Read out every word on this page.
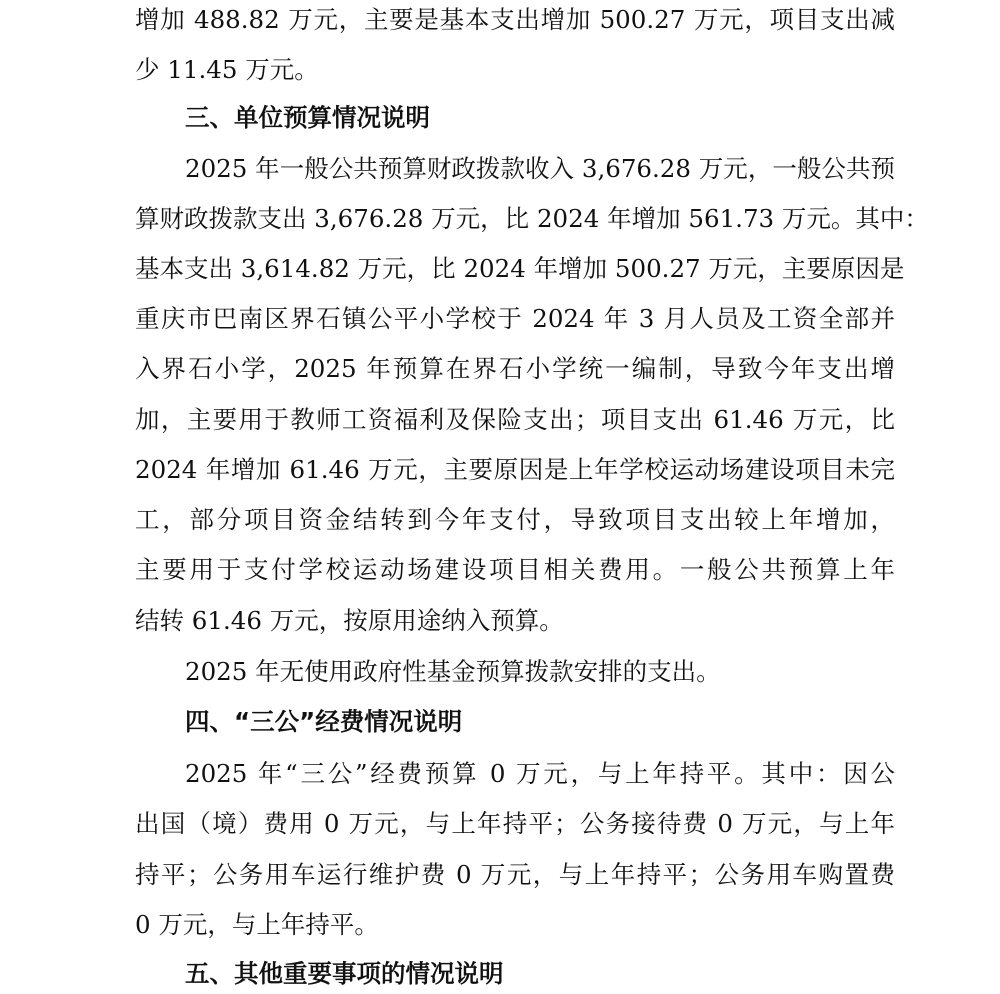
增加 488.82 万元，主要是基本支出增加 500.27 万元，项目支出减
少 11.45 万元。
三、单位预算情况说明
2025 年一般公共预算财政拨款收入 3,676.28 万元，一般公共预
算财政拨款支出 3,676.28 万元，比 2024 年增加 561.73 万元。其中：
基本支出 3,614.82 万元，比 2024 年增加 500.27 万元，主要原因是
重庆市巴南区界石镇公平小学校于 2024 年 3 月人员及工资全部并
入界石小学，2025 年预算在界石小学统一编制，导致今年支出增
加，主要用于教师工资福利及保险支出；项目支出 61.46 万元，比
2024 年增加 61.46 万元，主要原因是上年学校运动场建设项目未完
工，部分项目资金结转到今年支付，导致项目支出较上年增加，
主要用于支付学校运动场建设项目相关费用。一般公共预算上年
结转 61.46 万元，按原用途纳入预算。
2025 年无使用政府性基金预算拨款安排的支出。
四、“三公”经费情况说明
2025 年“三公”经费预算 0 万元，与上年持平。其中：因公
出国（境）费用 0 万元，与上年持平；公务接待费 0 万元，与上年
持平；公务用车运行维护费 0 万元，与上年持平；公务用车购置费
0 万元，与上年持平。
五、其他重要事项的情况说明
